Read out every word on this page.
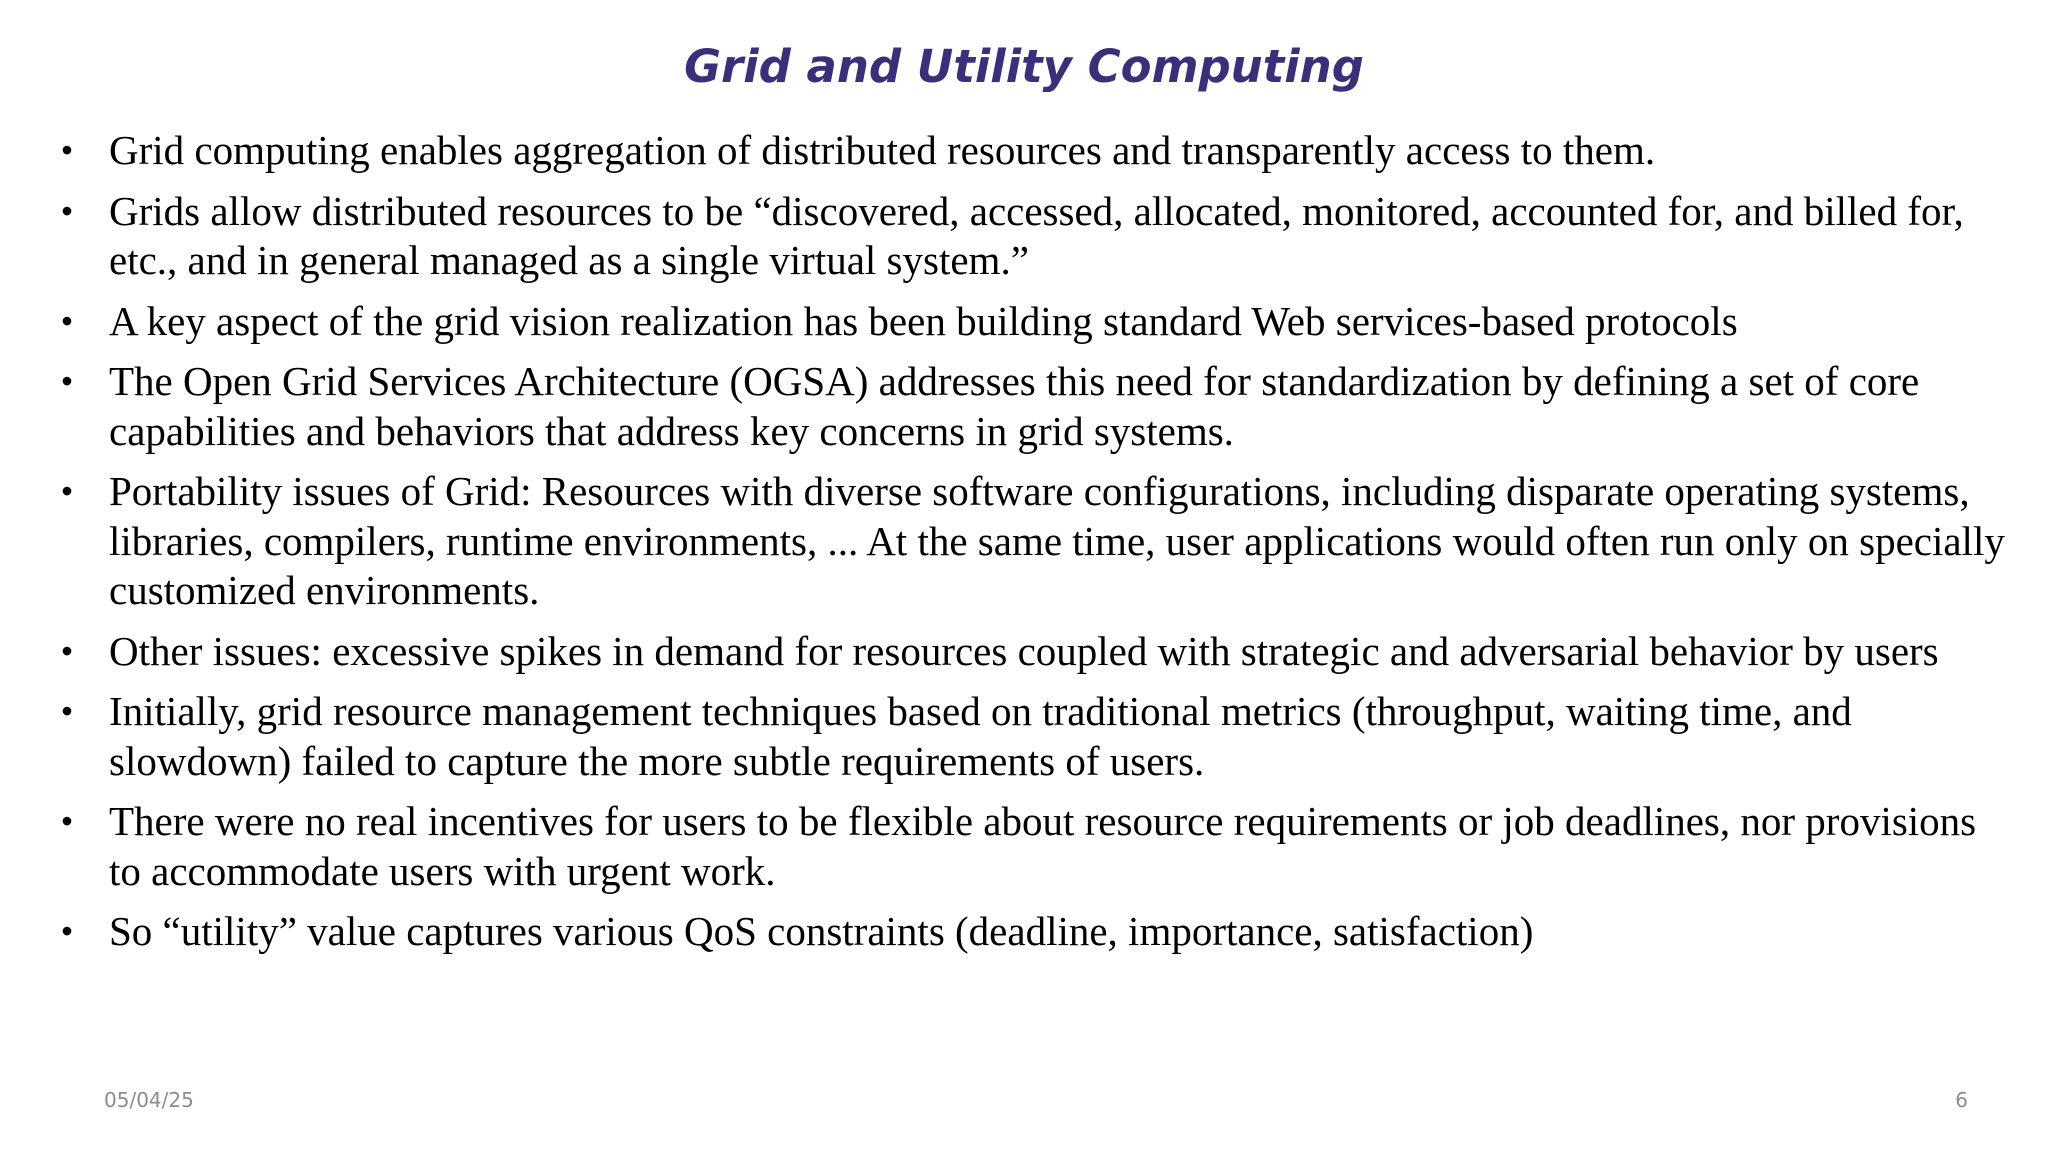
Grid and Utility Computing
• Grid computing enables aggregation of distributed resources and transparently access to them.
• Grids allow distributed resources to be “discovered, accessed, allocated, monitored, accounted for, and billed for, etc., and in general managed as a single virtual system.”
• A key aspect of the grid vision realization has been building standard Web services-based protocols
• The Open Grid Services Architecture (OGSA) addresses this need for standardization by defining a set of core capabilities and behaviors that address key concerns in grid systems.
• Portability issues of Grid: Resources with diverse software configurations, including disparate operating systems, libraries, compilers, runtime environments, ... At the same time, user applications would often run only on specially customized environments.
• Other issues: excessive spikes in demand for resources coupled with strategic and adversarial behavior by users
• Initially, grid resource management techniques based on traditional metrics (throughput, waiting time, and slowdown) failed to capture the more subtle requirements of users.
• There were no real incentives for users to be flexible about resource requirements or job deadlines, nor provisions to accommodate users with urgent work.
• So “utility” value captures various QoS constraints (deadline, importance, satisfaction)
05/04/25	6
